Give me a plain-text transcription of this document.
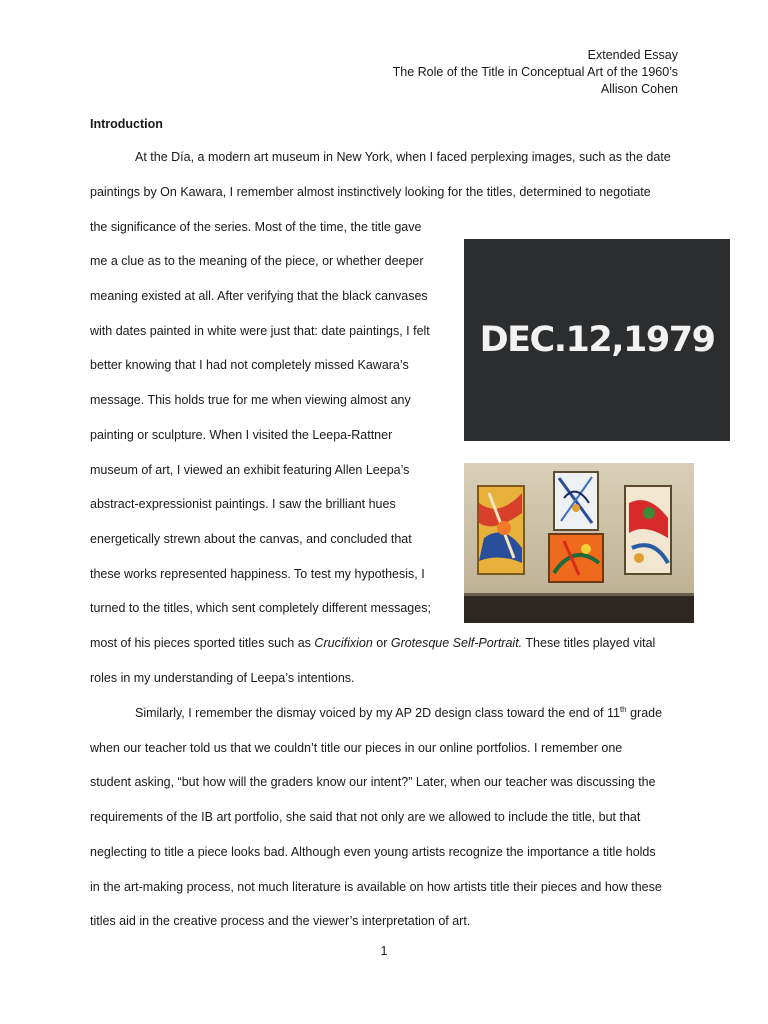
Extended Essay
The Role of the Title in Conceptual Art of the 1960’s
Allison Cohen
Introduction
At the Día, a modern art museum in New York, when I faced perplexing images, such as the date
paintings by On Kawara, I remember almost instinctively looking for the titles, determined to negotiate
the significance of the series. Most of the time, the title gave
me a clue as to the meaning of the piece, or whether deeper
meaning existed at all. After verifying that the black canvases
with dates painted in white were just that: date paintings, I felt
better knowing that I had not completely missed Kawara’s
message. This holds true for me when viewing almost any
painting or sculpture. When I visited the Leepa-Rattner
museum of art, I viewed an exhibit featuring Allen Leepa’s
abstract-expressionist paintings. I saw the brilliant hues
energetically strewn about the canvas, and concluded that
these works represented happiness. To test my hypothesis, I
turned to the titles, which sent completely different messages;
most of his pieces sported titles such as Crucifixion or Grotesque Self-Portrait. These titles played vital
roles in my understanding of Leepa’s intentions.
Similarly, I remember the dismay voiced by my AP 2D design class toward the end of 11th grade
when our teacher told us that we couldn’t title our pieces in our online portfolios. I remember one
student asking, “but how will the graders know our intent?” Later, when our teacher was discussing the
requirements of the IB art portfolio, she said that not only are we allowed to include the title, but that
neglecting to title a piece looks bad. Although even young artists recognize the importance a title holds
in the art-making process, not much literature is available on how artists title their pieces and how these
titles aid in the creative process and the viewer’s interpretation of art.
DEC.12,1979
1
